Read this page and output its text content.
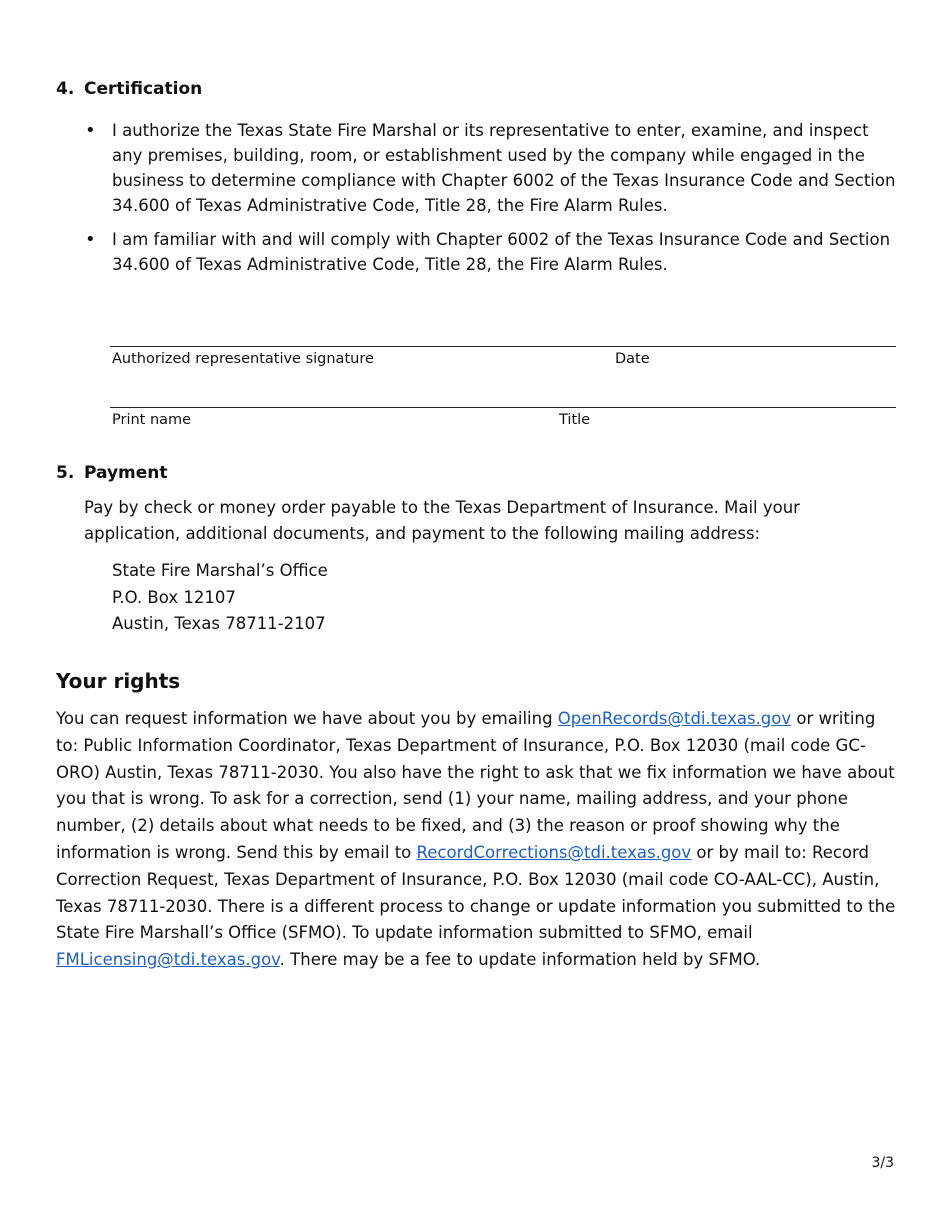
4. Certification
• I authorize the Texas State Fire Marshal or its representative to enter, examine, and inspect any premises, building, room, or establishment used by the company while engaged in the business to determine compliance with Chapter 6002 of the Texas Insurance Code and Section 34.600 of Texas Administrative Code, Title 28, the Fire Alarm Rules.
• I am familiar with and will comply with Chapter 6002 of the Texas Insurance Code and Section 34.600 of Texas Administrative Code, Title 28, the Fire Alarm Rules.
Authorized representative signature	Date
Print name	Title
5. Payment

Pay by check or money order payable to the Texas Department of Insurance. Mail your application, additional documents, and payment to the following mailing address:

State Fire Marshal’s Office
P.O. Box 12107
Austin, Texas 78711-2107
Your rights

You can request information we have about you by emailing OpenRecords@tdi.texas.gov or writing to: Public Information Coordinator, Texas Department of Insurance, P.O. Box 12030 (mail code GC-ORO) Austin, Texas 78711-2030. You also have the right to ask that we fix information we have about you that is wrong. To ask for a correction, send (1) your name, mailing address, and your phone number, (2) details about what needs to be fixed, and (3) the reason or proof showing why the information is wrong. Send this by email to RecordCorrections@tdi.texas.gov or by mail to: Record Correction Request, Texas Department of Insurance, P.O. Box 12030 (mail code CO-AAL-CC), Austin, Texas 78711-2030. There is a different process to change or update information you submitted to the State Fire Marshall’s Office (SFMO). To update information submitted to SFMO, email FMLicensing@tdi.texas.gov. There may be a fee to update information held by SFMO.

3/3
